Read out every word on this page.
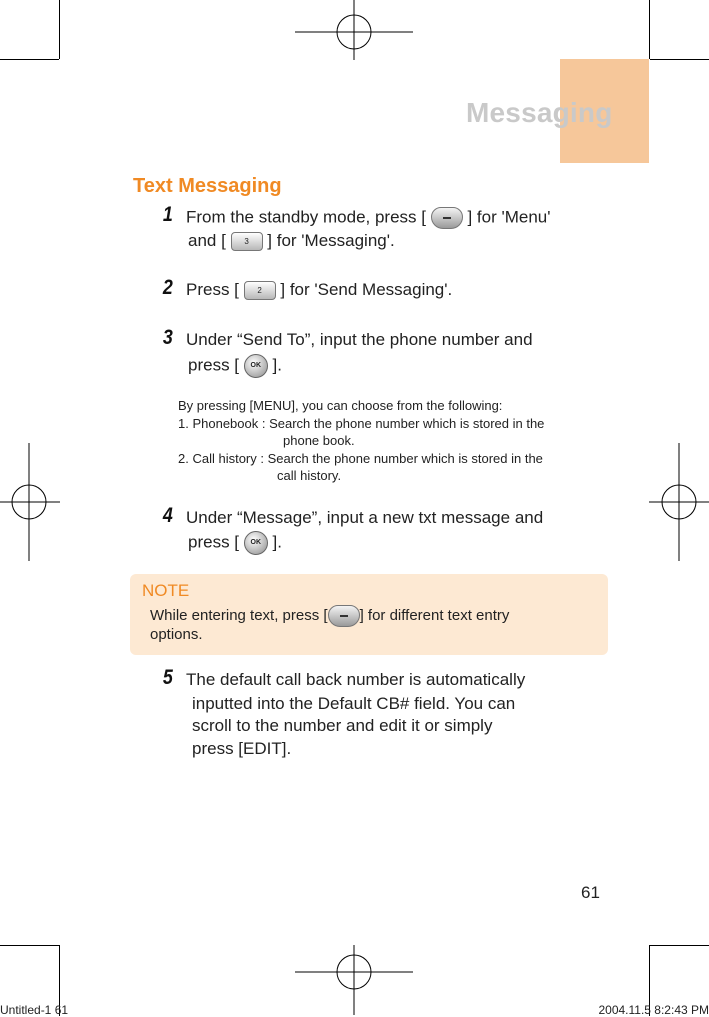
Messaging
Text Messaging
1 From the standby mode, press [ ] for 'Menu'
and [ 3 ] for 'Messaging'.
2 Press [ 2 ] for 'Send Messaging'.
3 Under “Send To”, input the phone number and
press [ OK ].
By pressing [MENU], you can choose from the following:
1. Phonebook : Search the phone number which is stored in the
phone book.
2. Call history : Search the phone number which is stored in the
call history.
4 Under “Message”, input a new txt message and
press [ OK ].
NOTE
While entering text, press [ ] for different text entry
options.
5 The default call back number is automatically
inputted into the Default CB# field. You can
scroll to the number and edit it or simply
press [EDIT].
61
Untitled-1 61	2004.11.5 8:2:43 PM
